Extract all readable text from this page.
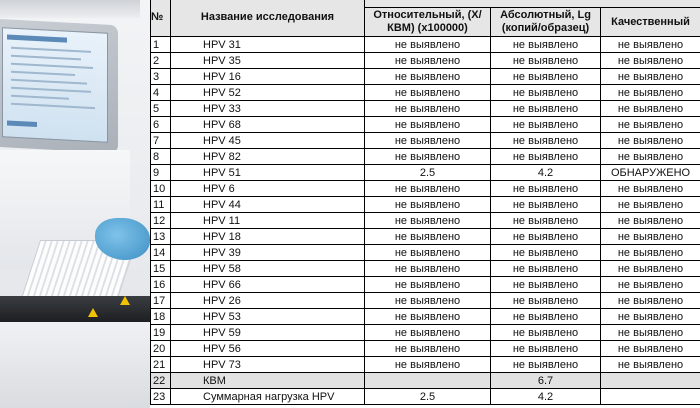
№	Название исследования			
		Относительный, (Х/КВМ) (х100000)	Абсолютный, Lg (копий/образец)	Качественный
1	HPV 31	не выявлено	не выявлено	не выявлено
2	HPV 35	не выявлено	не выявлено	не выявлено
3	HPV 16	не выявлено	не выявлено	не выявлено
4	HPV 52	не выявлено	не выявлено	не выявлено
5	HPV 33	не выявлено	не выявлено	не выявлено
6	HPV 68	не выявлено	не выявлено	не выявлено
7	HPV 45	не выявлено	не выявлено	не выявлено
8	HPV 82	не выявлено	не выявлено	не выявлено
9	HPV 51	2.5	4.2	ОБНАРУЖЕНО
10	HPV 6	не выявлено	не выявлено	не выявлено
11	HPV 44	не выявлено	не выявлено	не выявлено
12	HPV 11	не выявлено	не выявлено	не выявлено
13	HPV 18	не выявлено	не выявлено	не выявлено
14	HPV 39	не выявлено	не выявлено	не выявлено
15	HPV 58	не выявлено	не выявлено	не выявлено
16	HPV 66	не выявлено	не выявлено	не выявлено
17	HPV 26	не выявлено	не выявлено	не выявлено
18	HPV 53	не выявлено	не выявлено	не выявлено
19	HPV 59	не выявлено	не выявлено	не выявлено
20	HPV 56	не выявлено	не выявлено	не выявлено
21	HPV 73	не выявлено	не выявлено	не выявлено
22	КВМ		6.7	
23	Суммарная нагрузка HPV	2.5	4.2	
